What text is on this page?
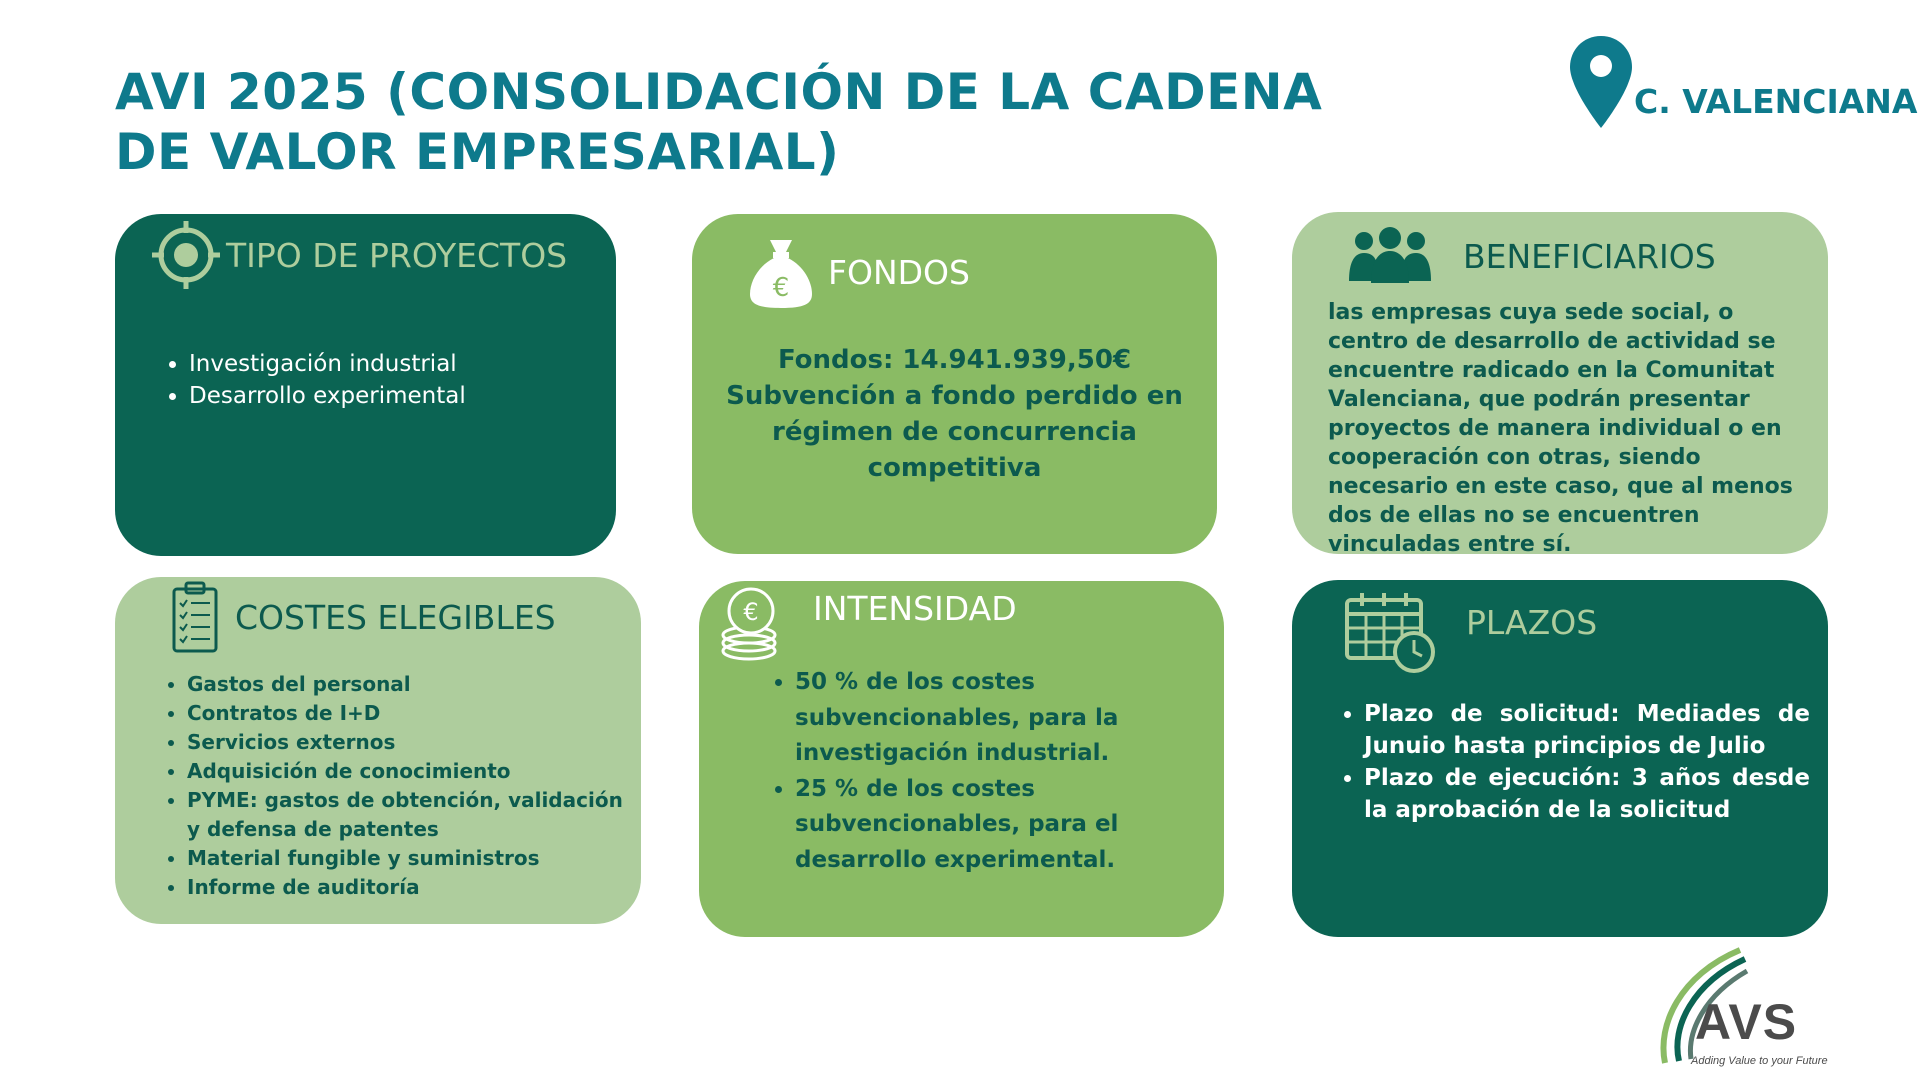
AVI 2025 (CONSOLIDACIÓN DE LA CADENA DE VALOR EMPRESARIAL)
C. VALENCIANA
TIPO DE PROYECTOS
• Investigación industrial
• Desarrollo experimental
€ FONDOS
Fondos: 14.941.939,50€
Subvención a fondo perdido en régimen de concurrencia competitiva
BENEFICIARIOS
las empresas cuya sede social, o centro de desarrollo de actividad se encuentre radicado en la Comunitat Valenciana, que podrán presentar proyectos de manera individual o en cooperación con otras, siendo necesario en este caso, que al menos dos de ellas no se encuentren vinculadas entre sí.
COSTES ELEGIBLES
• Gastos del personal
• Contratos de I+D
• Servicios externos
• Adquisición de conocimiento
• PYME: gastos de obtención, validación y defensa de patentes
• Material fungible y suministros
• Informe de auditoría
€ INTENSIDAD
• 50 % de los costes subvencionables, para la investigación industrial.
• 25 % de los costes subvencionables, para el desarrollo experimental.
PLAZOS
• Plazo de solicitud: Mediades de Junuio hasta principios de Julio
• Plazo de ejecución: 3 años desde la aprobación de la solicitud
AVS
Adding Value to your Future
